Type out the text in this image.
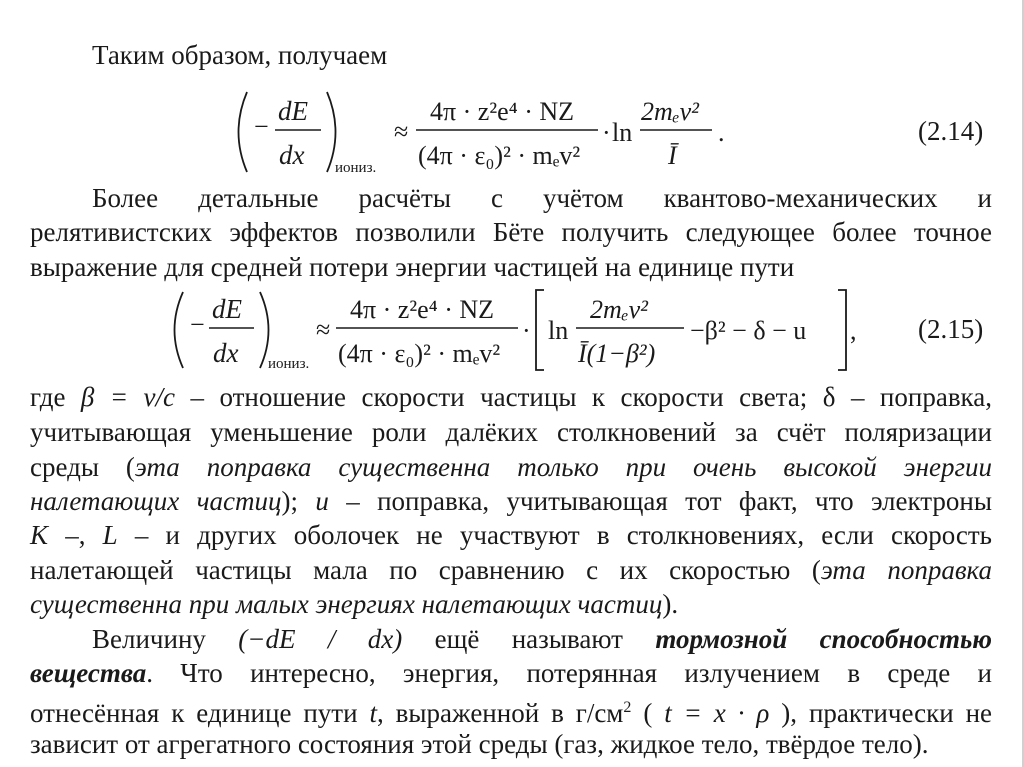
Таким образом, получаем
−
dE
dx иониз.
≈
4π · z²e⁴ · NZ
(4π · ε₀)² · mₑv²
· ln
2mₑv²
Ī
.	(2.14)
Более детальные расчёты с учётом квантово-механических и
релятивистских эффектов позволили Бёте получить следующее более точное
выражение для средней потери энергии частицей на единице пути
−
dE
dx иониз.
≈
4π · z²e⁴ · NZ
(4π · ε₀)² · mₑv²
· ln
2mₑv²
Ī(1−β²)
−β² − δ − u , (2.15)
где β = v/c – отношение скорости частицы к скорости света; δ – поправка,
учитывающая уменьшение роли далёких столкновений за счёт поляризации
среды (эта поправка существенна только при очень высокой энергии
налетающих частиц); u – поправка, учитывающая тот факт, что электроны
K –, L – и других оболочек не участвуют в столкновениях, если скорость
налетающей частицы мала по сравнению с их скоростью (эта поправка
существенна при малых энергиях налетающих частиц).
Величину (−dE / dx) ещё называют тормозной способностью
вещества. Что интересно, энергия, потерянная излучением в среде и
отнесённая к единице пути t, выраженной в $г/см^2$ ( t = x · ρ ), практически не
зависит от агрегатного состояния этой среды (газ, жидкое тело, твёрдое тело).
